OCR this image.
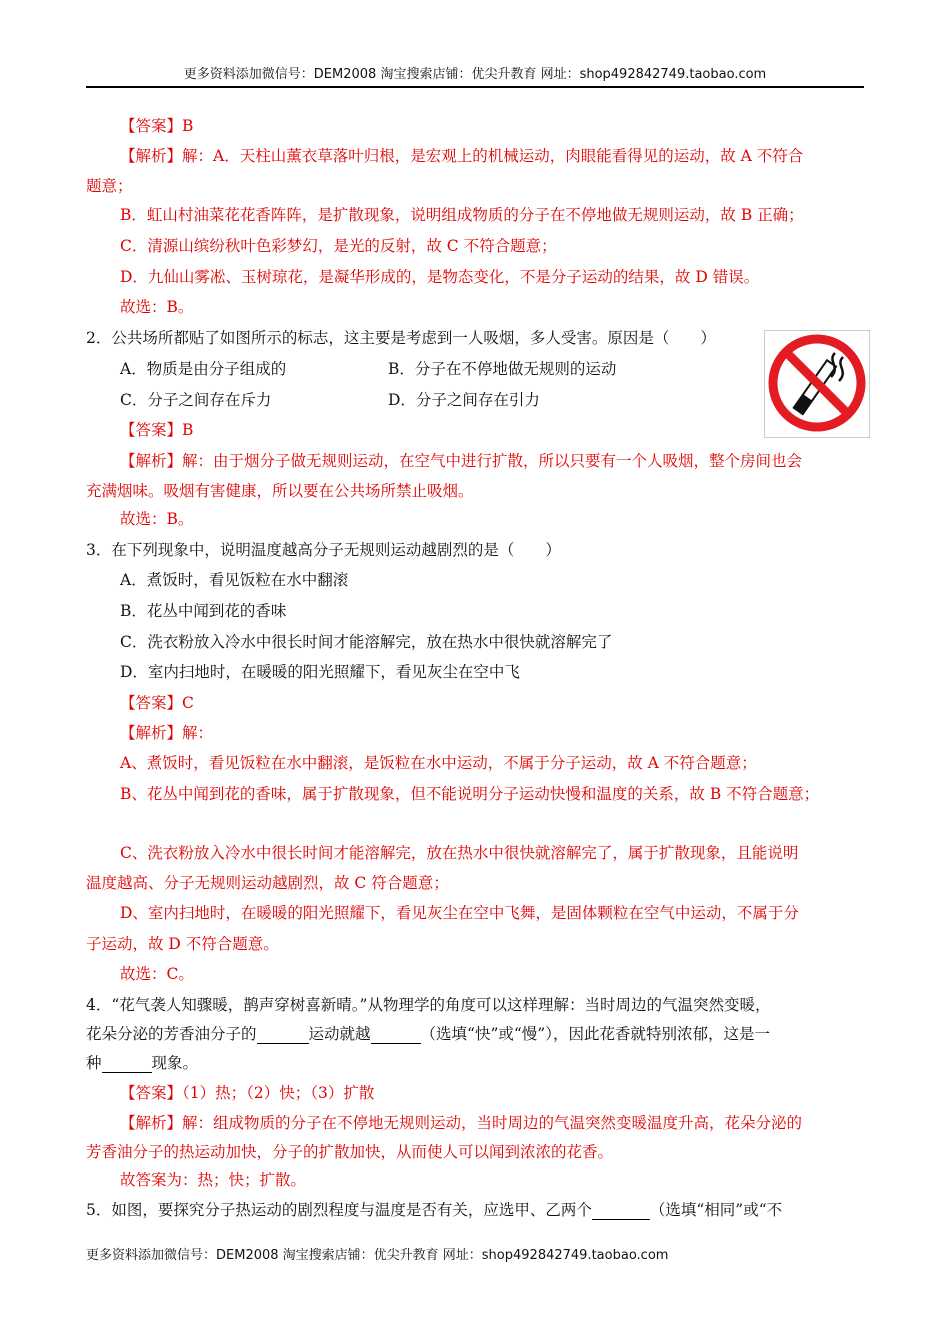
更多资料添加微信号：DEM2008 淘宝搜索店铺：优尖升教育 网址：shop492842749.taobao.com
【答案】B
【解析】解：A．天柱山薰衣草落叶归根，是宏观上的机械运动，肉眼能看得见的运动，故 A 不符合
题意；
B．虹山村油菜花花香阵阵，是扩散现象，说明组成物质的分子在不停地做无规则运动，故 B 正确；
C．清源山缤纷秋叶色彩梦幻，是光的反射，故 C 不符合题意；
D．九仙山雾凇、玉树琼花，是凝华形成的，是物态变化，不是分子运动的结果，故 D 错误。
故选：B。
2．公共场所都贴了如图所示的标志，这主要是考虑到一人吸烟，多人受害。原因是（　　）
A．物质是由分子组成的	B．分子在不停地做无规则的运动
C．分子之间存在斥力	D．分子之间存在引力
【答案】B
【解析】解：由于烟分子做无规则运动，在空气中进行扩散，所以只要有一个人吸烟，整个房间也会
充满烟味。吸烟有害健康，所以要在公共场所禁止吸烟。
故选：B。
3．在下列现象中，说明温度越高分子无规则运动越剧烈的是（　　）
A．煮饭时，看见饭粒在水中翻滚
B．花丛中闻到花的香味
C．洗衣粉放入冷水中很长时间才能溶解完，放在热水中很快就溶解完了
D．室内扫地时，在暖暖的阳光照耀下，看见灰尘在空中飞
【答案】C
【解析】解：
A、煮饭时，看见饭粒在水中翻滚，是饭粒在水中运动，不属于分子运动，故 A 不符合题意；
B、花丛中闻到花的香味，属于扩散现象，但不能说明分子运动快慢和温度的关系，故 B 不符合题意；
C、洗衣粉放入冷水中很长时间才能溶解完，放在热水中很快就溶解完了，属于扩散现象，且能说明
温度越高、分子无规则运动越剧烈，故 C 符合题意；
D、室内扫地时，在暖暖的阳光照耀下，看见灰尘在空中飞舞，是固体颗粒在空气中运动，不属于分
子运动，故 D 不符合题意。
故选：C。
4．“花气袭人知骤暖，鹊声穿树喜新晴。”从物理学的角度可以这样理解：当时周边的气温突然变暖，
花朵分泌的芳香油分子的	运动就越	（选填“快”或“慢”），因此花香就特别浓郁，这是一
种	现象。
【答案】（1）热；（2）快；（3）扩散
【解析】解：组成物质的分子在不停地无规则运动，当时周边的气温突然变暖温度升高，花朵分泌的
芳香油分子的热运动加快，分子的扩散加快，从而使人可以闻到浓浓的花香。
故答案为：热；快；扩散。
5．如图，要探究分子热运动的剧烈程度与温度是否有关，应选甲、乙两个	（选填“相同”或“不
更多资料添加微信号：DEM2008 淘宝搜索店铺：优尖升教育 网址：shop492842749.taobao.com
